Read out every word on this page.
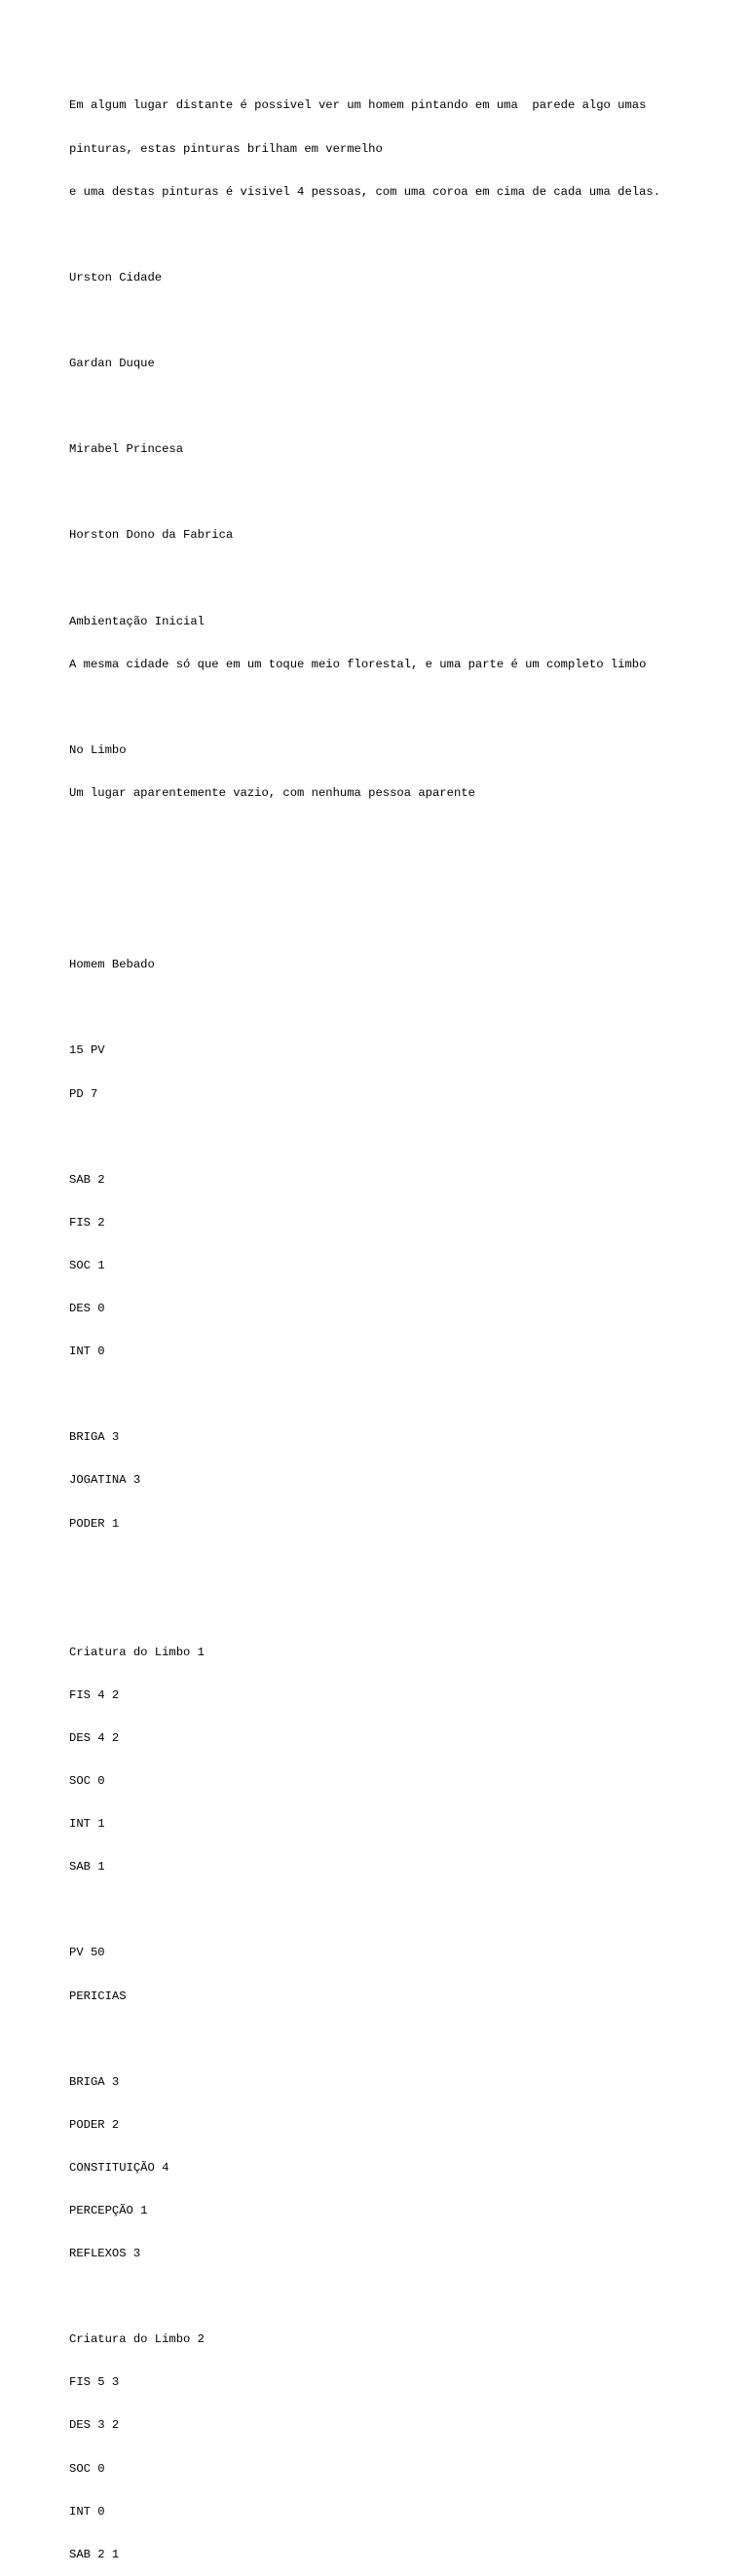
Em algum lugar distante é possivel ver um homem pintando em uma  parede algo umas

pinturas, estas pinturas brilham em vermelho

e uma destas pinturas é visivel 4 pessoas, com uma coroa em cima de cada uma delas.

Urston Cidade

Gardan Duque

Mirabel Princesa

Horston Dono da Fabrica

Ambientação Inicial

A mesma cidade só que em um toque meio florestal, e uma parte é um completo limbo

No Limbo

Um lugar aparentemente vazio, com nenhuma pessoa aparente

Homem Bebado

15 PV

PD 7

SAB 2

FIS 2

SOC 1

DES 0

INT 0

BRIGA 3

JOGATINA 3

PODER 1

Criatura do Limbo 1

FIS 4 2

DES 4 2

SOC 0

INT 1

SAB 1

PV 50

PERICIAS

BRIGA 3

PODER 2

CONSTITUIÇÃO 4

PERCEPÇÃO 1

REFLEXOS 3

Criatura do Limbo 2

FIS 5 3

DES 3 2

SOC 0

INT 0

SAB 2 1
